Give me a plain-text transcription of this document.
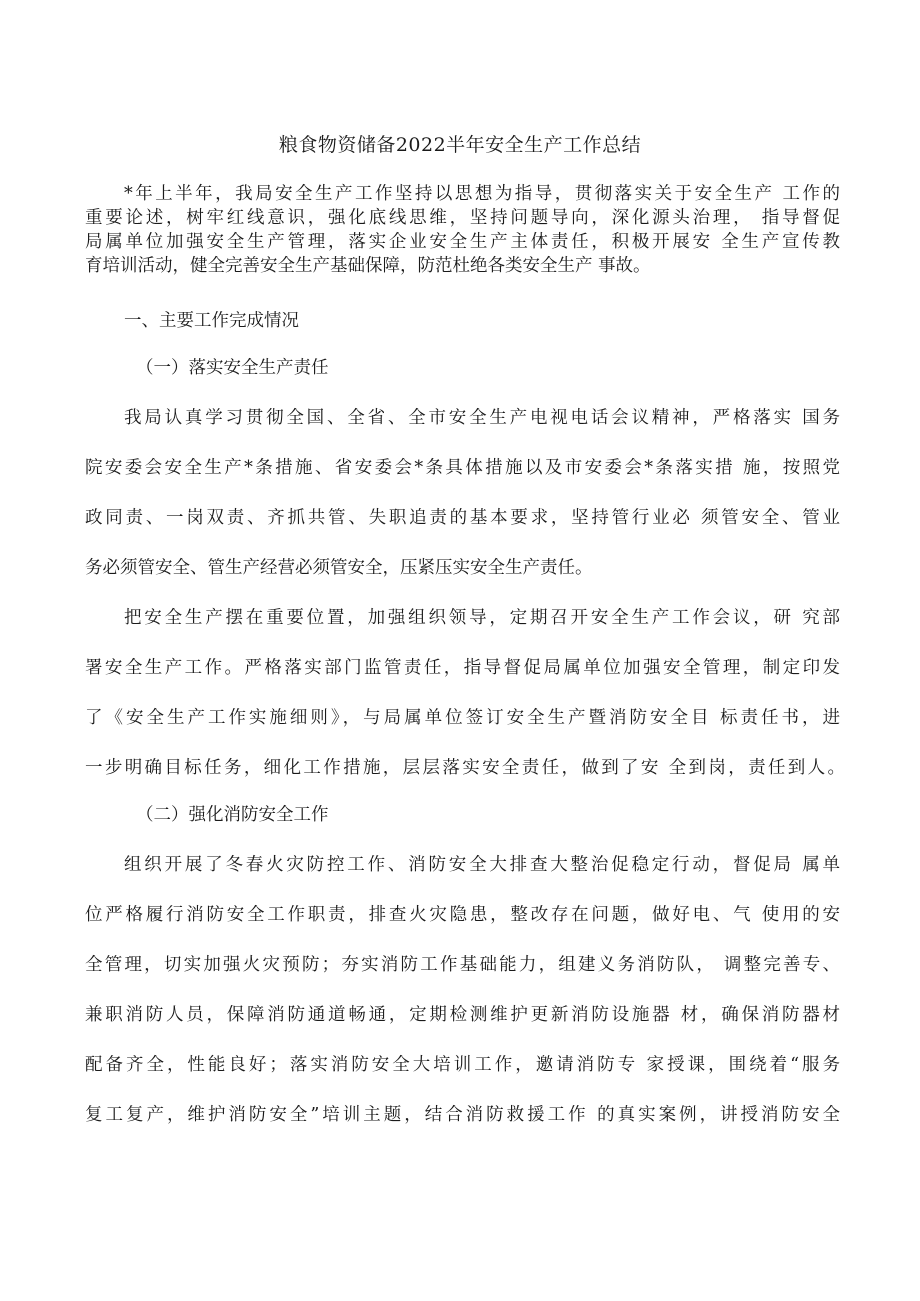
粮食物资储备2022半年安全生产工作总结
*年上半年，我局安全生产工作坚持以思想为指导，贯彻落实关于安全生产 工作的
重要论述，树牢红线意识，强化底线思维，坚持问题导向，深化源头治理， 指导督促
局属单位加强安全生产管理，落实企业安全生产主体责任，积极开展安 全生产宣传教
育培训活动，健全完善安全生产基础保障，防范杜绝各类安全生产 事故。
一、主要工作完成情况
（一）落实安全生产责任
我局认真学习贯彻全国、全省、全市安全生产电视电话会议精神，严格落实 国务
院安委会安全生产*条措施、省安委会*条具体措施以及市安委会*条落实措 施，按照党
政同责、一岗双责、齐抓共管、失职追责的基本要求，坚持管行业必 须管安全、管业
务必须管安全、管生产经营必须管安全，压紧压实安全生产责任。
把安全生产摆在重要位置，加强组织领导，定期召开安全生产工作会议，研 究部
署安全生产工作。严格落实部门监管责任，指导督促局属单位加强安全管理，制定印发
了《安全生产工作实施细则》，与局属单位签订安全生产暨消防安全目 标责任书，进
一步明确目标任务，细化工作措施，层层落实安全责任，做到了安 全到岗，责任到人。
（二）强化消防安全工作
组织开展了冬春火灾防控工作、消防安全大排查大整治促稳定行动，督促局 属单
位严格履行消防安全工作职责，排查火灾隐患，整改存在问题，做好电、气 使用的安
全管理，切实加强火灾预防；夯实消防工作基础能力，组建义务消防队， 调整完善专、
兼职消防人员，保障消防通道畅通，定期检测维护更新消防设施器 材，确保消防器材
配备齐全，性能良好；落实消防安全大培训工作，邀请消防专 家授课，围绕着“服务
复工复产，维护消防安全”培训主题，结合消防救援工作 的真实案例，讲授消防安全
